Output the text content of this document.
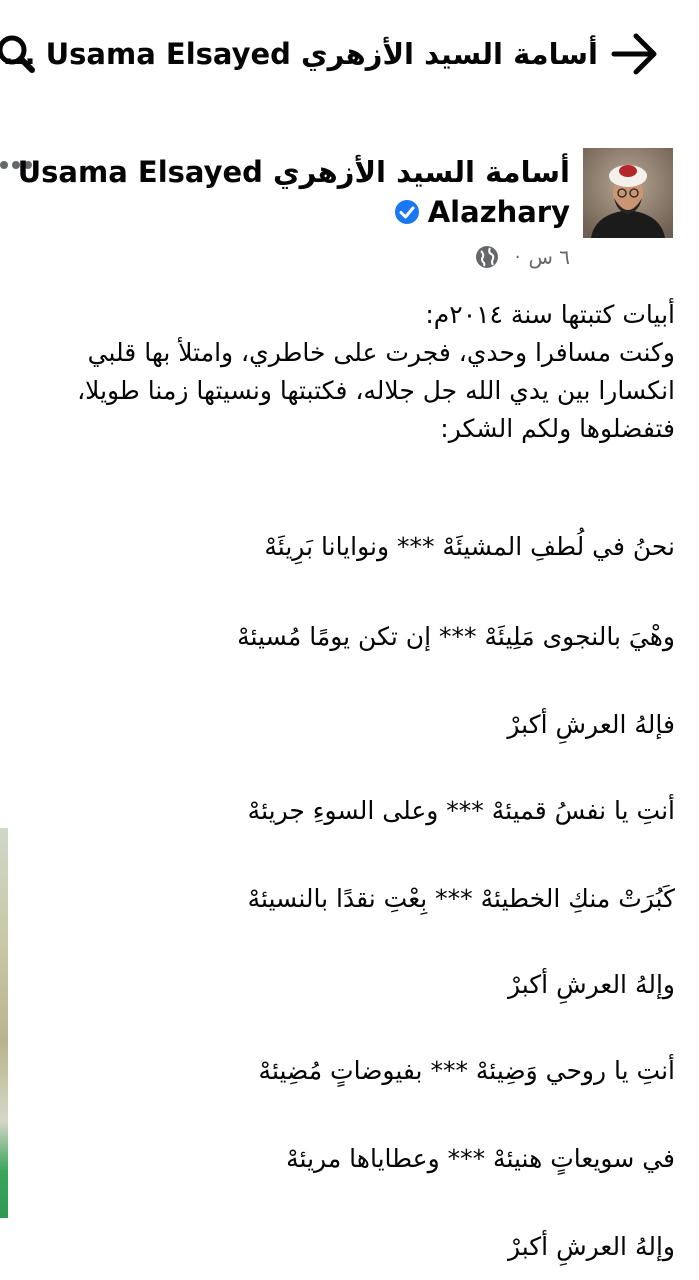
أسامة السيد الأزهري Usama Elsayed ...
أسامة السيد الأزهري Usama Elsayed
Alazhary
· ٦ س

أبيات كتبتها سنة ٢٠١٤م:

وكنت مسافرا وحدي، فجرت على خاطري، وامتلأ بها قلبي

انكسارا بين يدي الله جل جلاله، فكتبتها ونسيتها زمنا طويلا،

فتفضلوها ولكم الشكر:

نحنُ في لُطفِ المشيئَهْ *** ونوايانا بَرِيئَهْ
وهْيَ بالنجوى مَلِيئَهْ *** إن تكن يومًا مُسيئهْ
فإلهُ العرشِ أكبرْ
أنتِ يا نفسُ قميئهْ *** وعلى السوءِ جريئهْ
كَبُرَتْ منكِ الخطيئهْ *** بِعْتِ نقدًا بالنسيئهْ
وإلهُ العرشِ أكبرْ
أنتِ يا روحي وَضِيئهْ *** بفيوضاتٍ مُضِيئهْ
في سويعاتٍ هنيئهْ *** وعطاياها مريئهْ
وإلهُ العرشِ أكبرْ
